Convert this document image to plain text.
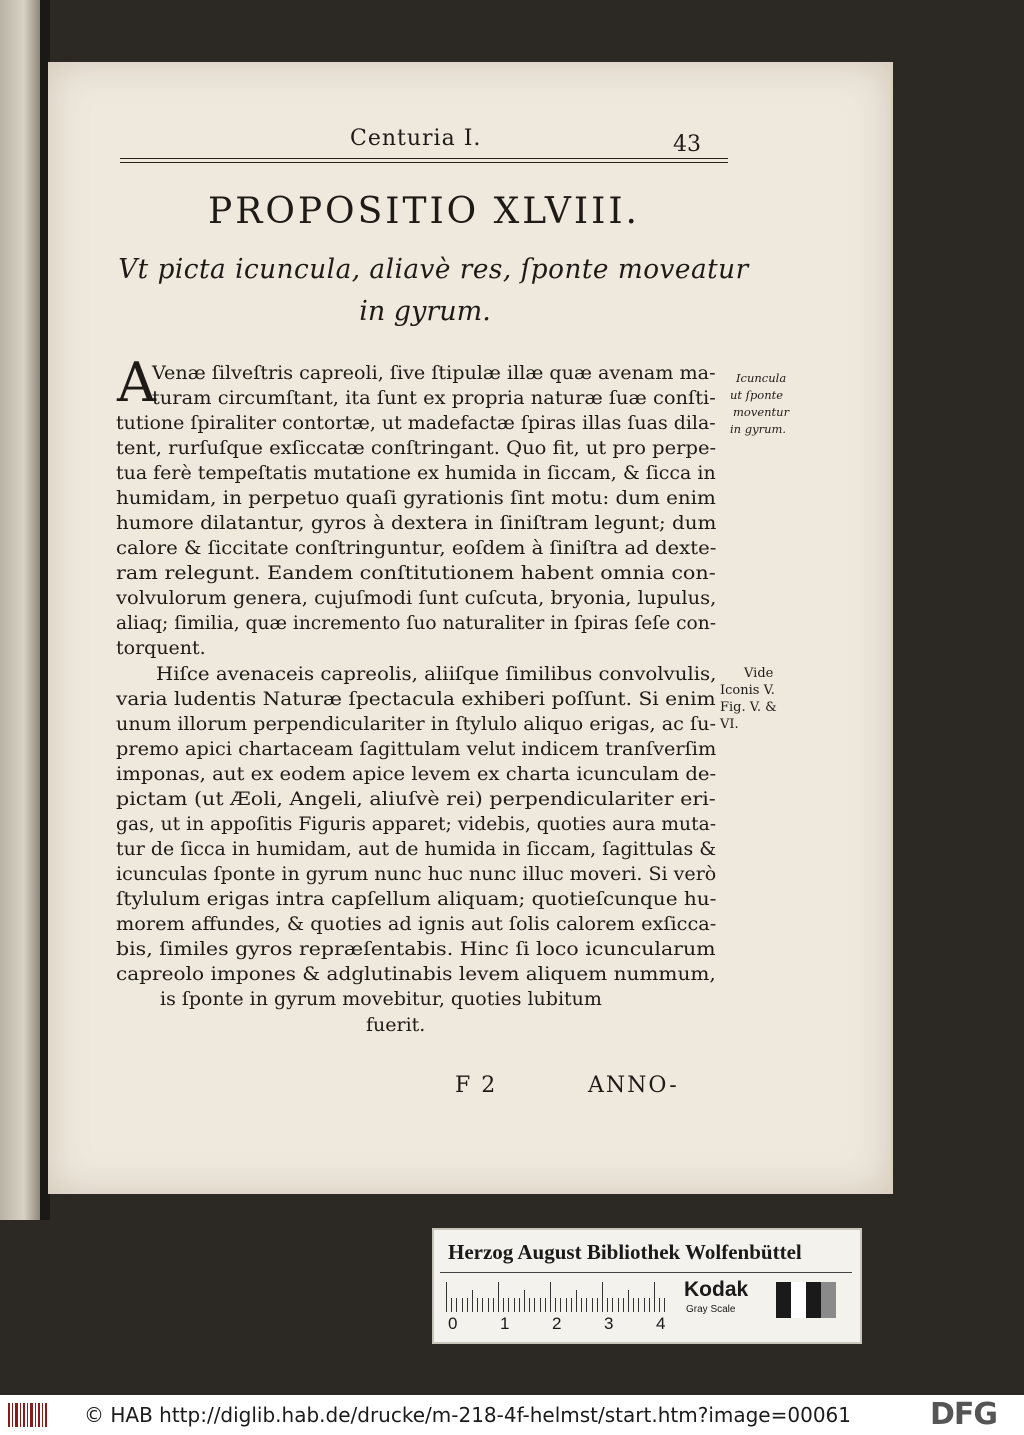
Centuria I.	43
PROPOSITIO XLVIII.
Vt picta icuncula, aliavè res, ſponte moveatur
in gyrum.
A
Venæ ſilveſtris capreoli, ſive ſtipulæ illæ quæ avenam ma-
turam circumſtant, ita ſunt ex propria naturæ ſuæ conſti-
tutione ſpiraliter contortæ, ut madefactæ ſpiras illas ſuas dila-
tent, rurſuſque exſiccatæ conſtringant. Quo fit, ut pro perpe-
tua ferè tempeſtatis mutatione ex humida in ſiccam, & ſicca in
humidam, in perpetuo quaſi gyrationis ſint motu: dum enim
humore dilatantur, gyros à dextera in ſiniſtram legunt; dum
calore & ſiccitate conſtringuntur, eoſdem à ſiniſtra ad dexte-
ram relegunt. Eandem conſtitutionem habent omnia con-
volvulorum genera, cujuſmodi ſunt cuſcuta, bryonia, lupulus,
aliaq; ſimilia, quæ incremento ſuo naturaliter in ſpiras ſeſe con-
torquent.
Hiſce avenaceis capreolis, aliiſque ſimilibus convolvulis,
varia ludentis Naturæ ſpectacula exhiberi poſſunt. Si enim
unum illorum perpendiculariter in ſtylulo aliquo erigas, ac ſu-
premo apici chartaceam ſagittulam velut indicem tranſverſim
imponas, aut ex eodem apice levem ex charta icunculam de-
pictam (ut Æoli, Angeli, aliuſvè rei) perpendiculariter eri-
gas, ut in appoſitis Figuris apparet; videbis, quoties aura muta-
tur de ſicca in humidam, aut de humida in ſiccam, ſagittulas &
icunculas ſponte in gyrum nunc huc nunc illuc moveri. Si verò
ſtylulum erigas intra capſellum aliquam; quotieſcunque hu-
morem affundes, & quoties ad ignis aut ſolis calorem exſicca-
bis, ſimiles gyros repræſentabis. Hinc ſi loco icuncularum
capreolo impones & adglutinabis levem aliquem nummum,
is ſponte in gyrum movebitur, quoties lubitum
fuerit.
Icuncula
ut ſponte
moventur
in gyrum.
Vide
Iconis V.
Fig. V. &
VI.
F 2	ANNO-
Herzog August Bibliothek Wolfenbüttel
0	1	2	3	4
Kodak
Gray Scale
© HAB http://diglib.hab.de/drucke/m-218-4f-helmst/start.htm?image=00061	DFG
